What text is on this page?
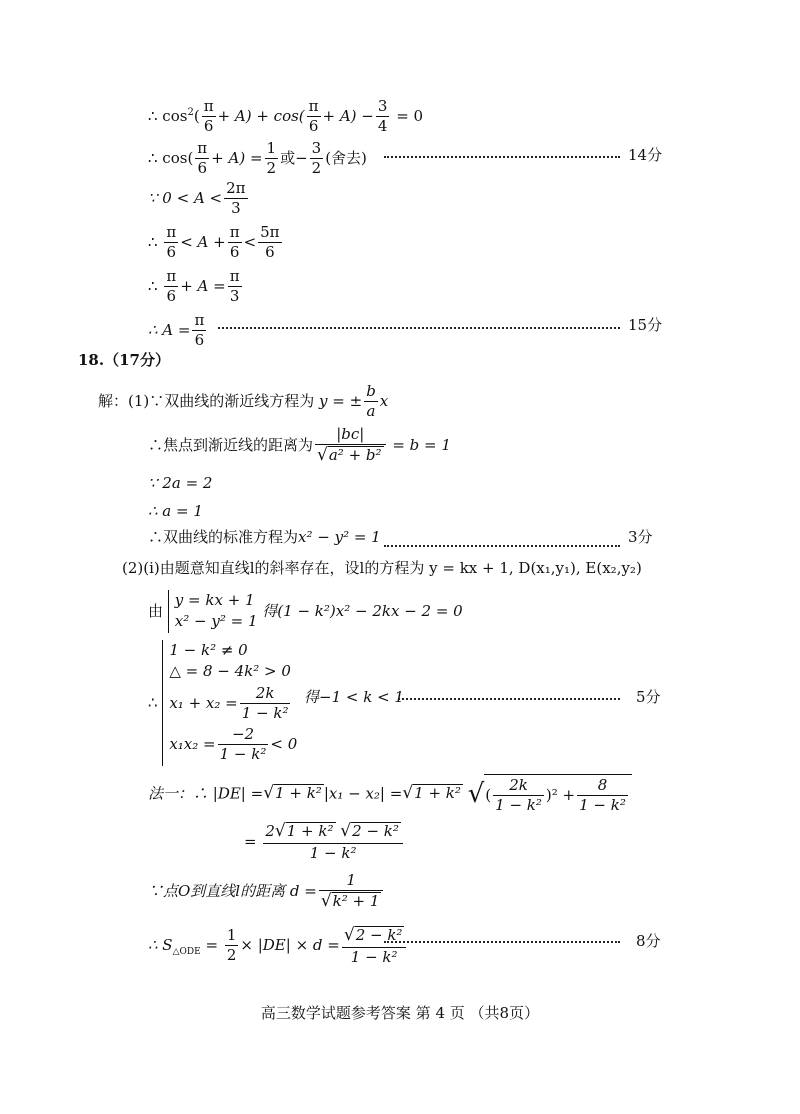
∴ $\cos^2( \frac{\pi}{6} + A) + \cos( \frac{\pi}{6} + A) - \frac{3}{4} = 0$
∴ $\cos( \frac{\pi}{6} + A) = \frac{1}{2}$ 或− $\frac{3}{2}$ (舍去)	14分
∵ $0 < A < \frac{2\pi}{3}$
∴ $\frac{\pi}{6} < A + \frac{\pi}{6} < \frac{5\pi}{6}$
∴ $\frac{\pi}{6} + A = \frac{\pi}{3}$
∴ $A = \frac{\pi}{6}$	15分
18.（17分）
解：(1)∵双曲线的渐近线方程为 y = ± $\frac{b}{a}$ x
∴焦点到渐近线的距离为 $\frac{|bc|}{\text{√a² + b²}} = b = 1$
∵ 2a = 2
∴ a = 1
∴双曲线的标准方程为x² − y² = 1	3分
(2)(i)由题意知直线l的斜率存在，设l的方程为 y = kx + 1, D(x₁,y₁), E(x₂,y₂)
由
y = kx + 1
x² − y² = 1
得(1 − k²)x² − 2kx − 2 = 0
∴
1 − k² ≠ 0
△ = 8 − 4k² > 0
$x_1 + x_2 = \frac{2k}{\text{1 − k²}}$
$x_1x_2 = \frac{-2}{\text{1 − k²}} < 0$
得−1 < k < 1	5分
法一：∴ |DE| =√1 + k² |x₁ − x₂| =√1 + k² √( $\frac{2k}{\text{1 − k²}} )^2 + \frac{8}{\text{1 − k²}}$
= $\frac{\text{2√1 + k² √2 − k²}}{\text{1 − k²}}$
∵点O到直线l的距离 $d = \frac{1}{\text{√k² + 1}}$
∴ $S_{\triangle ODE} = \frac{1}{2} \times |DE| \times d = \frac{\text{√2 − k²}}{\text{1 − k²}}$	8分
高三数学试题参考答案 第 4 页 （共8页）
